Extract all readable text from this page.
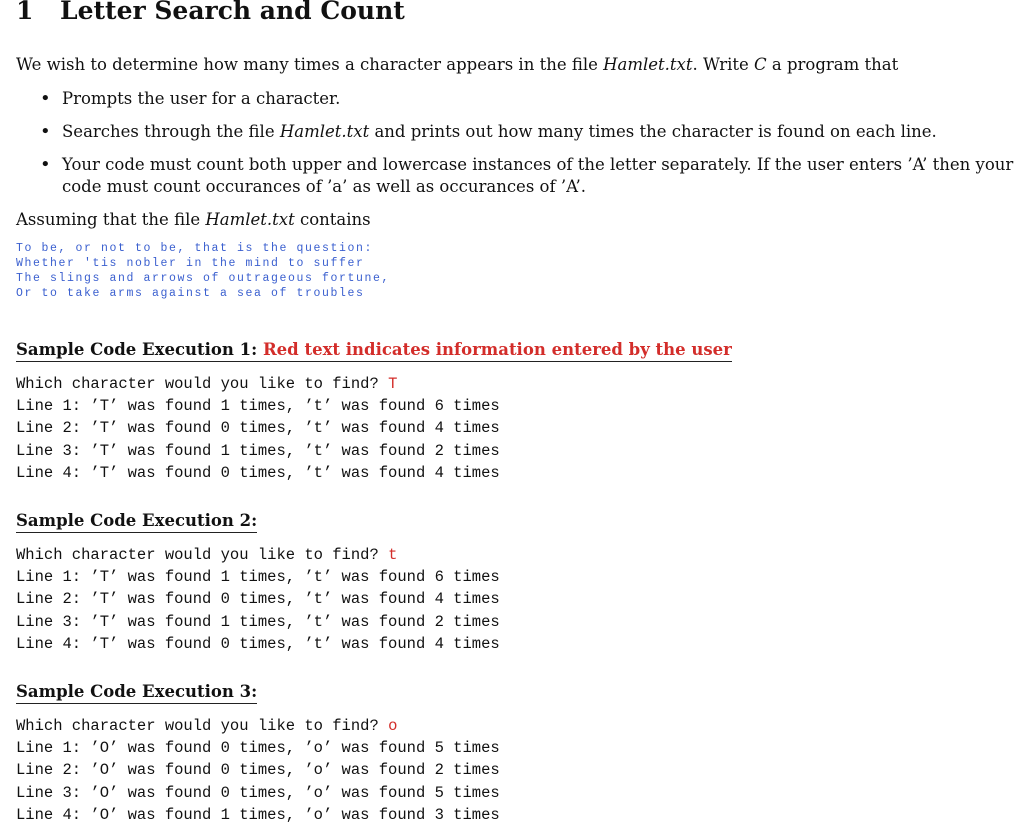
1 Letter Search and Count
We wish to determine how many times a character appears in the file Hamlet.txt. Write C a program that
• Prompts the user for a character.
• Searches through the file Hamlet.txt and prints out how many times the character is found on each line.
• Your code must count both upper and lowercase instances of the letter separately. If the user enters ’A’ then your code must count occurances of ’a’ as well as occurances of ’A’.
Assuming that the file Hamlet.txt contains
To be, or not to be, that is the question:
Whether 'tis nobler in the mind to suffer
The slings and arrows of outrageous fortune,
Or to take arms against a sea of troubles
Sample Code Execution 1: Red text indicates information entered by the user
Which character would you like to find? T
Line 1: ’T’ was found 1 times, ’t’ was found 6 times
Line 2: ’T’ was found 0 times, ’t’ was found 4 times
Line 3: ’T’ was found 1 times, ’t’ was found 2 times
Line 4: ’T’ was found 0 times, ’t’ was found 4 times
Sample Code Execution 2:
Which character would you like to find? t
Line 1: ’T’ was found 1 times, ’t’ was found 6 times
Line 2: ’T’ was found 0 times, ’t’ was found 4 times
Line 3: ’T’ was found 1 times, ’t’ was found 2 times
Line 4: ’T’ was found 0 times, ’t’ was found 4 times
Sample Code Execution 3:
Which character would you like to find? o
Line 1: ’O’ was found 0 times, ’o’ was found 5 times
Line 2: ’O’ was found 0 times, ’o’ was found 2 times
Line 3: ’O’ was found 0 times, ’o’ was found 5 times
Line 4: ’O’ was found 1 times, ’o’ was found 3 times
